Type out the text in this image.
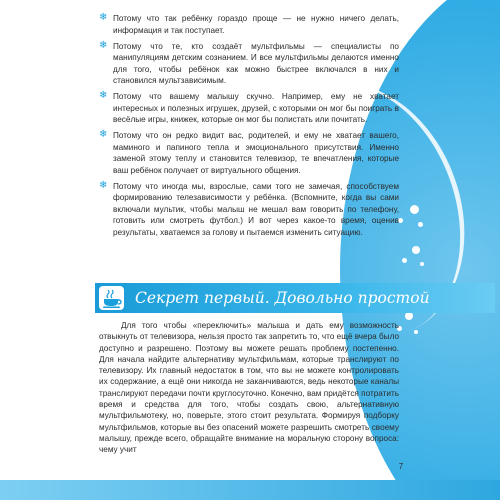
❄ Потому что так ребёнку гораздо проще — не нужно ничего делать, информация и так поступает.
❄ Потому что те, кто создаёт мультфильмы — специалисты по манипуляциям детским сознанием. И все мультфильмы делаются именно для того, чтобы ребёнок как можно быстрее включался в них и становился мультзависимым.
❄ Потому что вашему малышу скучно. Например, ему не хватает интересных и полезных игрушек, друзей, с которыми он мог бы поиграть в весёлые игры, книжек, которые он мог бы полистать или почитать.
❄ Потому что он редко видит вас, родителей, и ему не хватает вашего, маминого и папиного тепла и эмоционального присутствия. Именно заменой этому теплу и становится телевизор, те впечатления, которые ваш ребёнок получает от виртуального общения.
❄ Потому что иногда мы, взрослые, сами того не замечая, способствуем формированию телезависимости у ребёнка. (Вспомните, когда вы сами включали мультик, чтобы малыш не мешал вам говорить по телефону, готовить или смотреть футбол.) И вот через какое-то время, оценив результаты, хватаемся за голову и пытаемся изменить ситуацию.
Секрет первый. Довольно простой

Для того чтобы «переключить» малыша и дать ему возможность отвыкнуть от телевизора, нельзя просто так запретить то, что ещё вчера было доступно и разрешено. Поэтому вы можете решать проблему постепенно. Для начала найдите альтернативу мультфильмам, которые транслируют по телевизору. Их главный недостаток в том, что вы не можете контролировать их содержание, а ещё они никогда не заканчиваются, ведь некоторые каналы транслируют передачи почти круглосуточно. Конечно, вам придётся потратить время и средства для того, чтобы создать свою, альтернативную мультфильмотеку, но, поверьте, этого стоит результата. Формируя подборку мультфильмов, которые вы без опасений можете разрешить смотреть своему малышу, прежде всего, обращайте внимание на моральную сторону вопроса: чему учит

7
